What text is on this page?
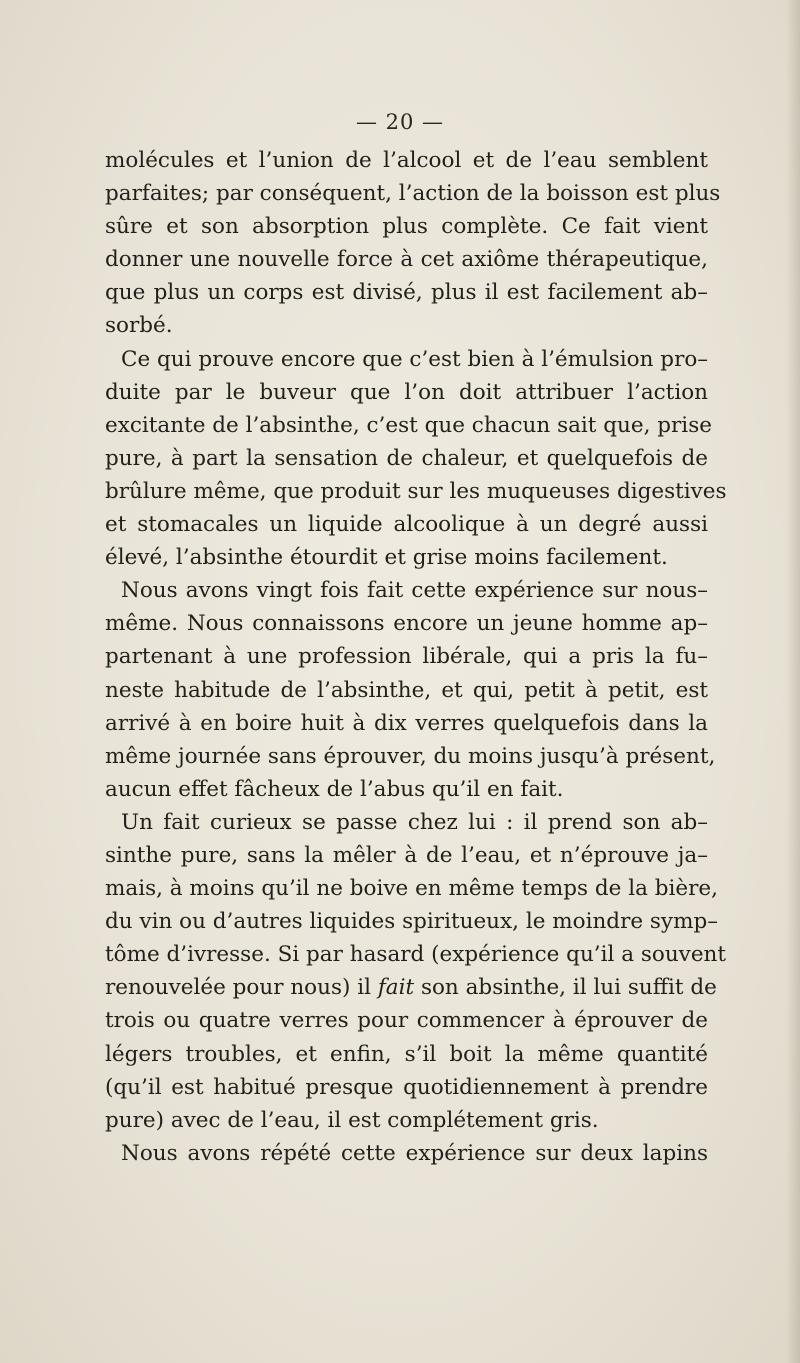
— 20 —
molécules et l’union de l’alcool et de l’eau semblent
parfaites; par conséquent, l’action de la boisson est plus
sûre et son absorption plus complète. Ce fait vient
donner une nouvelle force à cet axiôme thérapeutique,
que plus un corps est divisé, plus il est facilement ab–
sorbé.
Ce qui prouve encore que c’est bien à l’émulsion pro–
duite par le buveur que l’on doit attribuer l’action
excitante de l’absinthe, c’est que chacun sait que, prise
pure, à part la sensation de chaleur, et quelquefois de
brûlure même, que produit sur les muqueuses digestives
et stomacales un liquide alcoolique à un degré aussi
élevé, l’absinthe étourdit et grise moins facilement.
Nous avons vingt fois fait cette expérience sur nous–
même. Nous connaissons encore un jeune homme ap–
partenant à une profession libérale, qui a pris la fu–
neste habitude de l’absinthe, et qui, petit à petit, est
arrivé à en boire huit à dix verres quelquefois dans la
même journée sans éprouver, du moins jusqu’à présent,
aucun effet fâcheux de l’abus qu’il en fait.
Un fait curieux se passe chez lui : il prend son ab–
sinthe pure, sans la mêler à de l’eau, et n’éprouve ja–
mais, à moins qu’il ne boive en même temps de la bière,
du vin ou d’autres liquides spiritueux, le moindre symp–
tôme d’ivresse. Si par hasard (expérience qu’il a souvent
renouvelée pour nous) il fait son absinthe, il lui suffit de
trois ou quatre verres pour commencer à éprouver de
légers troubles, et enfin, s’il boit la même quantité
(qu’il est habitué presque quotidiennement à prendre
pure) avec de l’eau, il est complétement gris.
Nous avons répété cette expérience sur deux lapins
